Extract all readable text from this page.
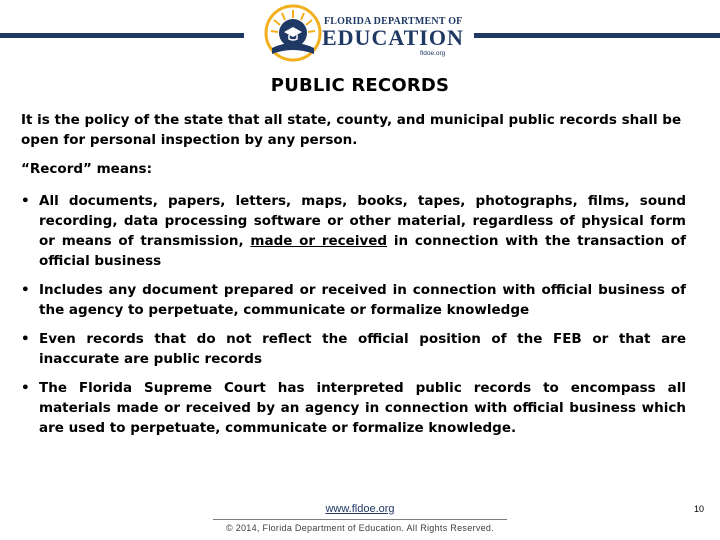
FLORIDA DEPARTMENT OF
EDUCATION
fldoe.org
PUBLIC RECORDS

It is the policy of the state that all state, county, and municipal public records shall be open for personal inspection by any person.

“Record” means:

• All documents, papers, letters, maps, books, tapes, photographs, films, sound recording, data processing software or other material, regardless of physical form or means of transmission, made or received in connection with the transaction of official business
• Includes any document prepared or received in connection with official business of the agency to perpetuate, communicate or formalize knowledge
• Even records that do not reflect the official position of the FEB or that are inaccurate are public records
• The Florida Supreme Court has interpreted public records to encompass all materials made or received by an agency in connection with official business which are used to perpetuate, communicate or formalize knowledge.
www.fldoe.org
© 2014, Florida Department of Education. All Rights Reserved.
10
